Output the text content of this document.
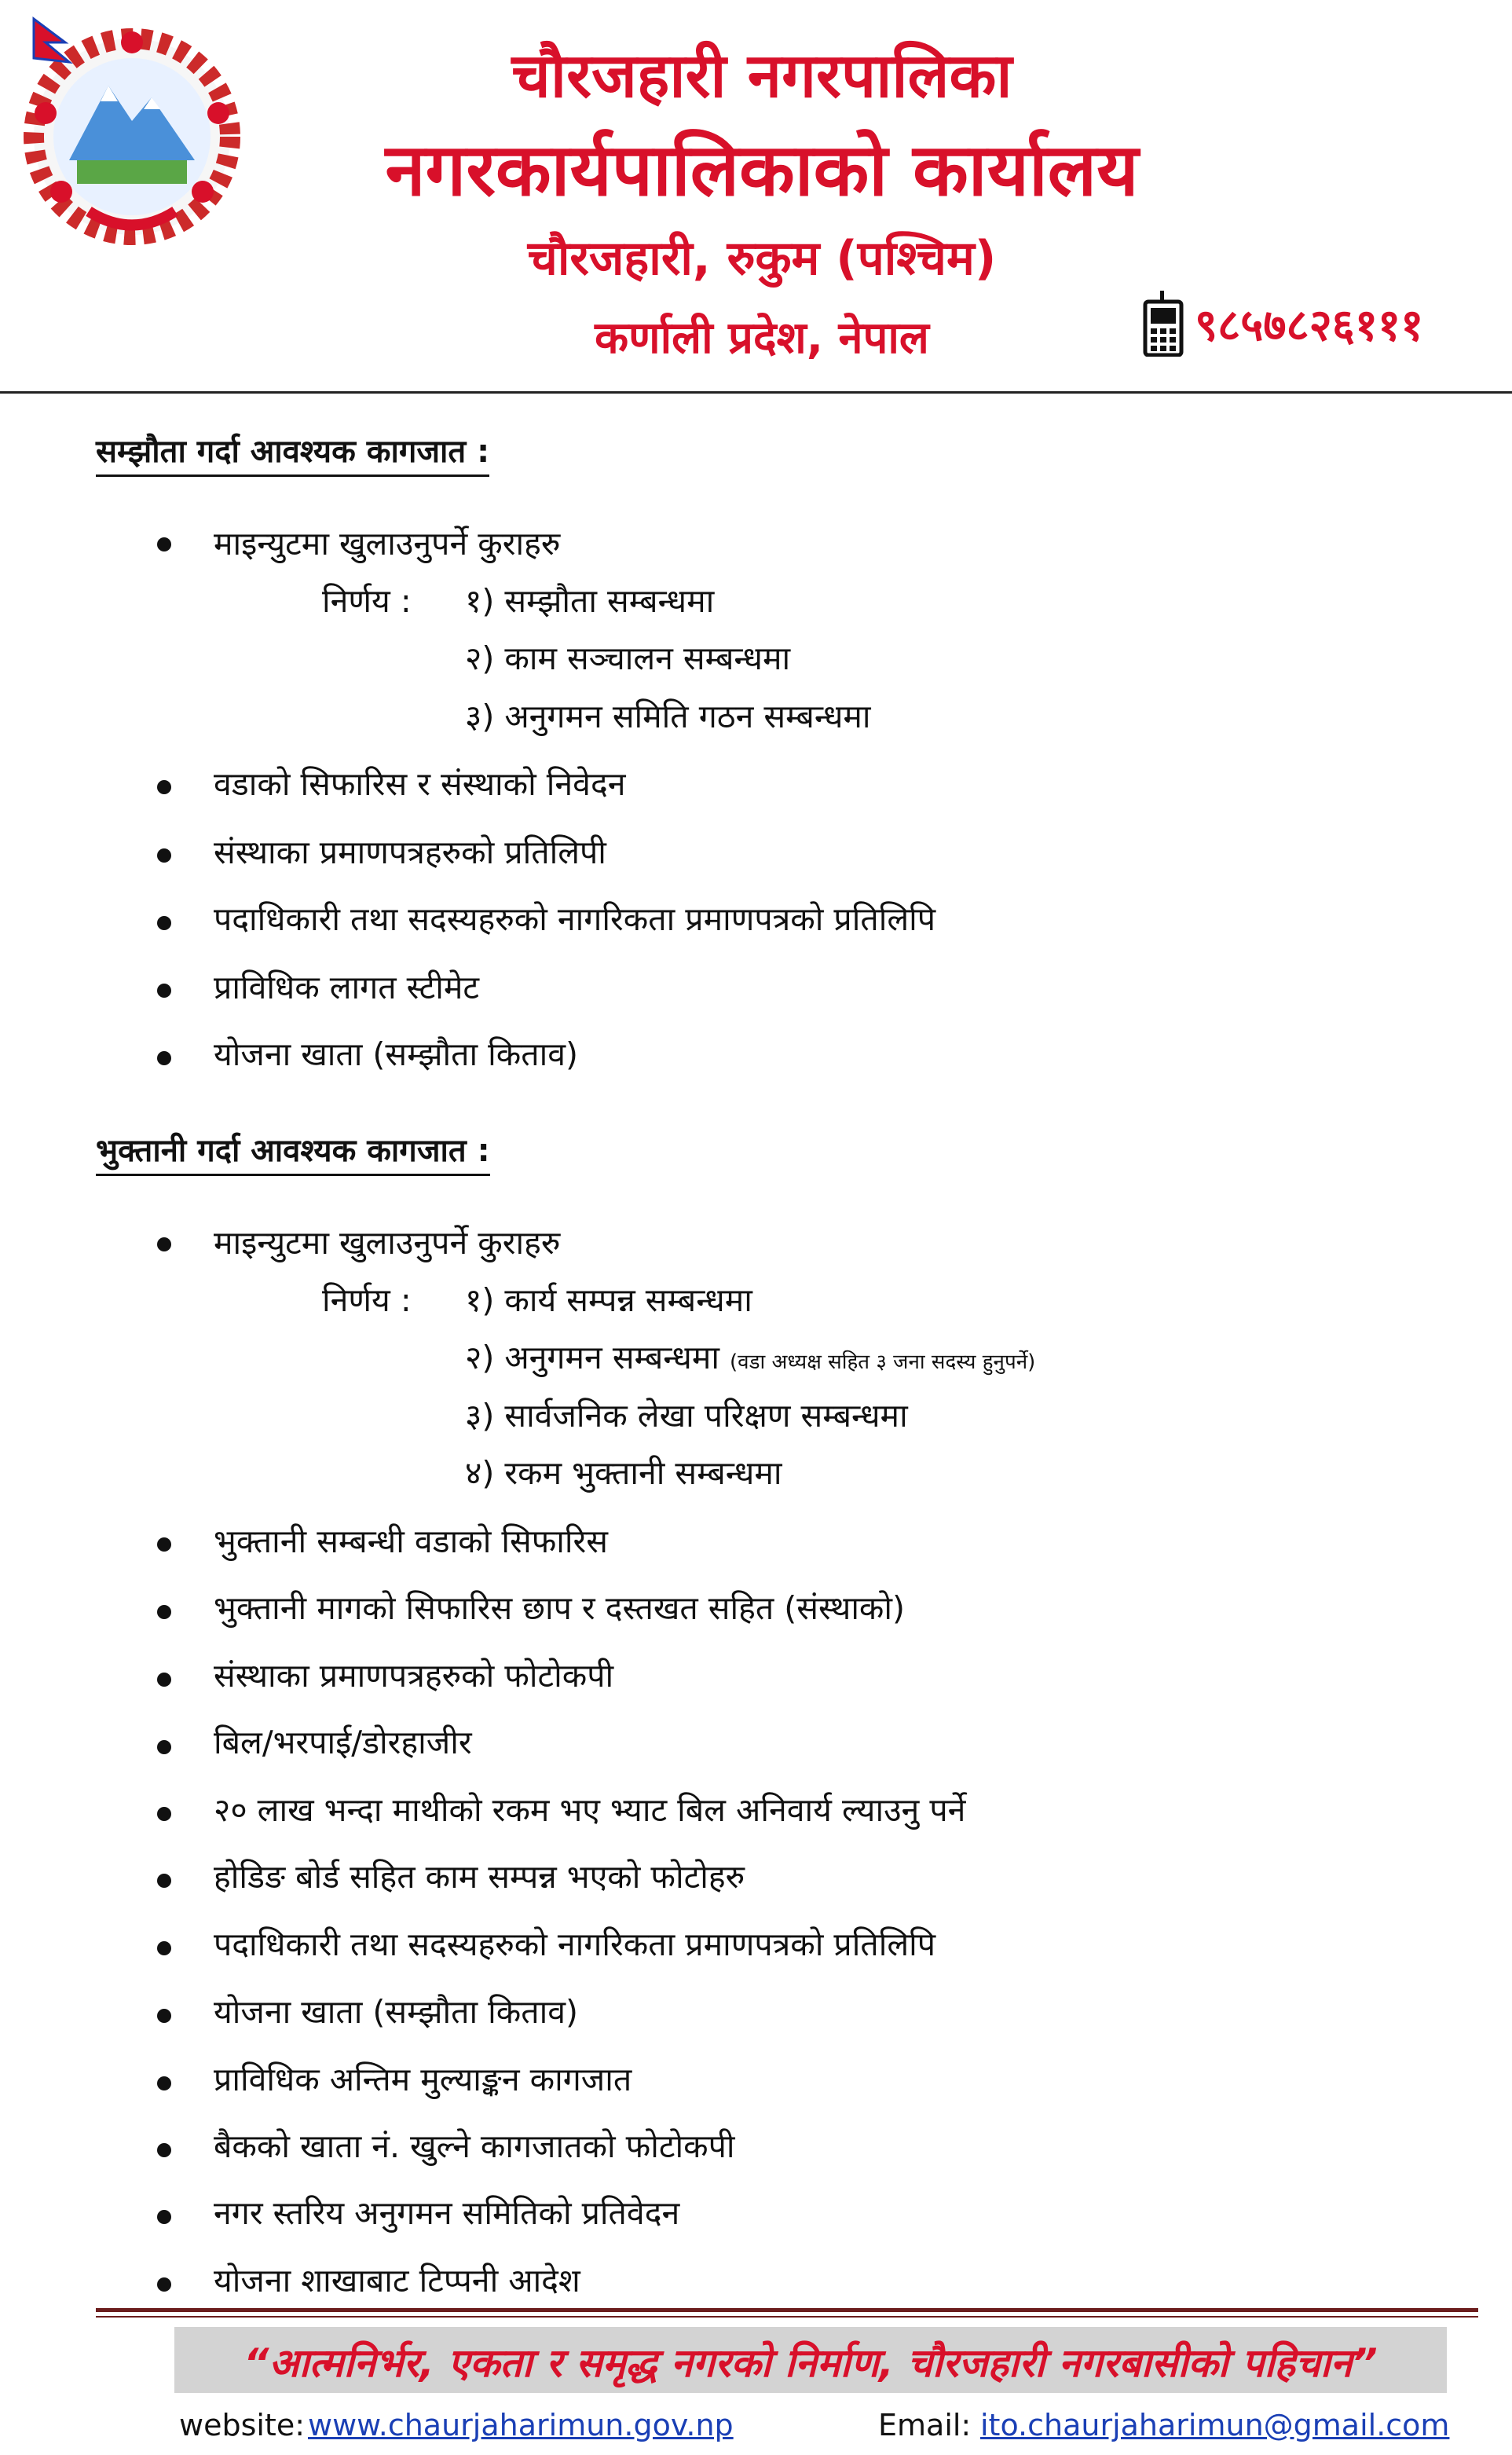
चौरजहारी नगरपालिका
नगरकार्यपालिकाको कार्यालय
चौरजहारी, रुकुम (पश्चिम)
कर्णाली प्रदेश, नेपाल	९८५७८२६१११
सम्झौता गर्दा आवश्यक कागजात :
माइन्युटमा खुलाउनुपर्ने कुराहरु
निर्णय : १) सम्झौता सम्बन्धमा
२) काम सञ्चालन सम्बन्धमा
३) अनुगमन समिति गठन सम्बन्धमा
वडाको सिफारिस र संस्थाको निवेदन
संस्थाका प्रमाणपत्रहरुको प्रतिलिपी
पदाधिकारी तथा सदस्यहरुको नागरिकता प्रमाणपत्रको प्रतिलिपि
प्राविधिक लागत स्टीमेट
योजना खाता (सम्झौता किताव)
भुक्तानी गर्दा आवश्यक कागजात :
माइन्युटमा खुलाउनुपर्ने कुराहरु
निर्णय : १) कार्य सम्पन्न सम्बन्धमा
२) अनुगमन सम्बन्धमा (वडा अध्यक्ष सहित ३ जना सदस्य हुनुपर्ने)
३) सार्वजनिक लेखा परिक्षण सम्बन्धमा
४) रकम भुक्तानी सम्बन्धमा
भुक्तानी सम्बन्धी वडाको सिफारिस
भुक्तानी मागको सिफारिस छाप र दस्तखत सहित (संस्थाको)
संस्थाका प्रमाणपत्रहरुको फोटोकपी
बिल/भरपाई/डोरहाजीर
२० लाख भन्दा माथीको रकम भए भ्याट बिल अनिवार्य ल्याउनु पर्ने
होडिङ बोर्ड सहित काम सम्पन्न भएको फोटोहरु
पदाधिकारी तथा सदस्यहरुको नागरिकता प्रमाणपत्रको प्रतिलिपि
योजना खाता (सम्झौता किताव)
प्राविधिक अन्तिम मुल्याङ्कन कागजात
बैकको खाता नं. खुल्ने कागजातको फोटोकपी
नगर स्तरिय अनुगमन समितिको प्रतिवेदन
योजना शाखाबाट टिप्पनी आदेश
“आत्मनिर्भर, एकता र समृद्ध नगरको निर्माण, चौरजहारी नगरबासीको पहिचान”
website: www.chaurjaharimun.gov.np	Email: ito.chaurjaharimun@gmail.com
